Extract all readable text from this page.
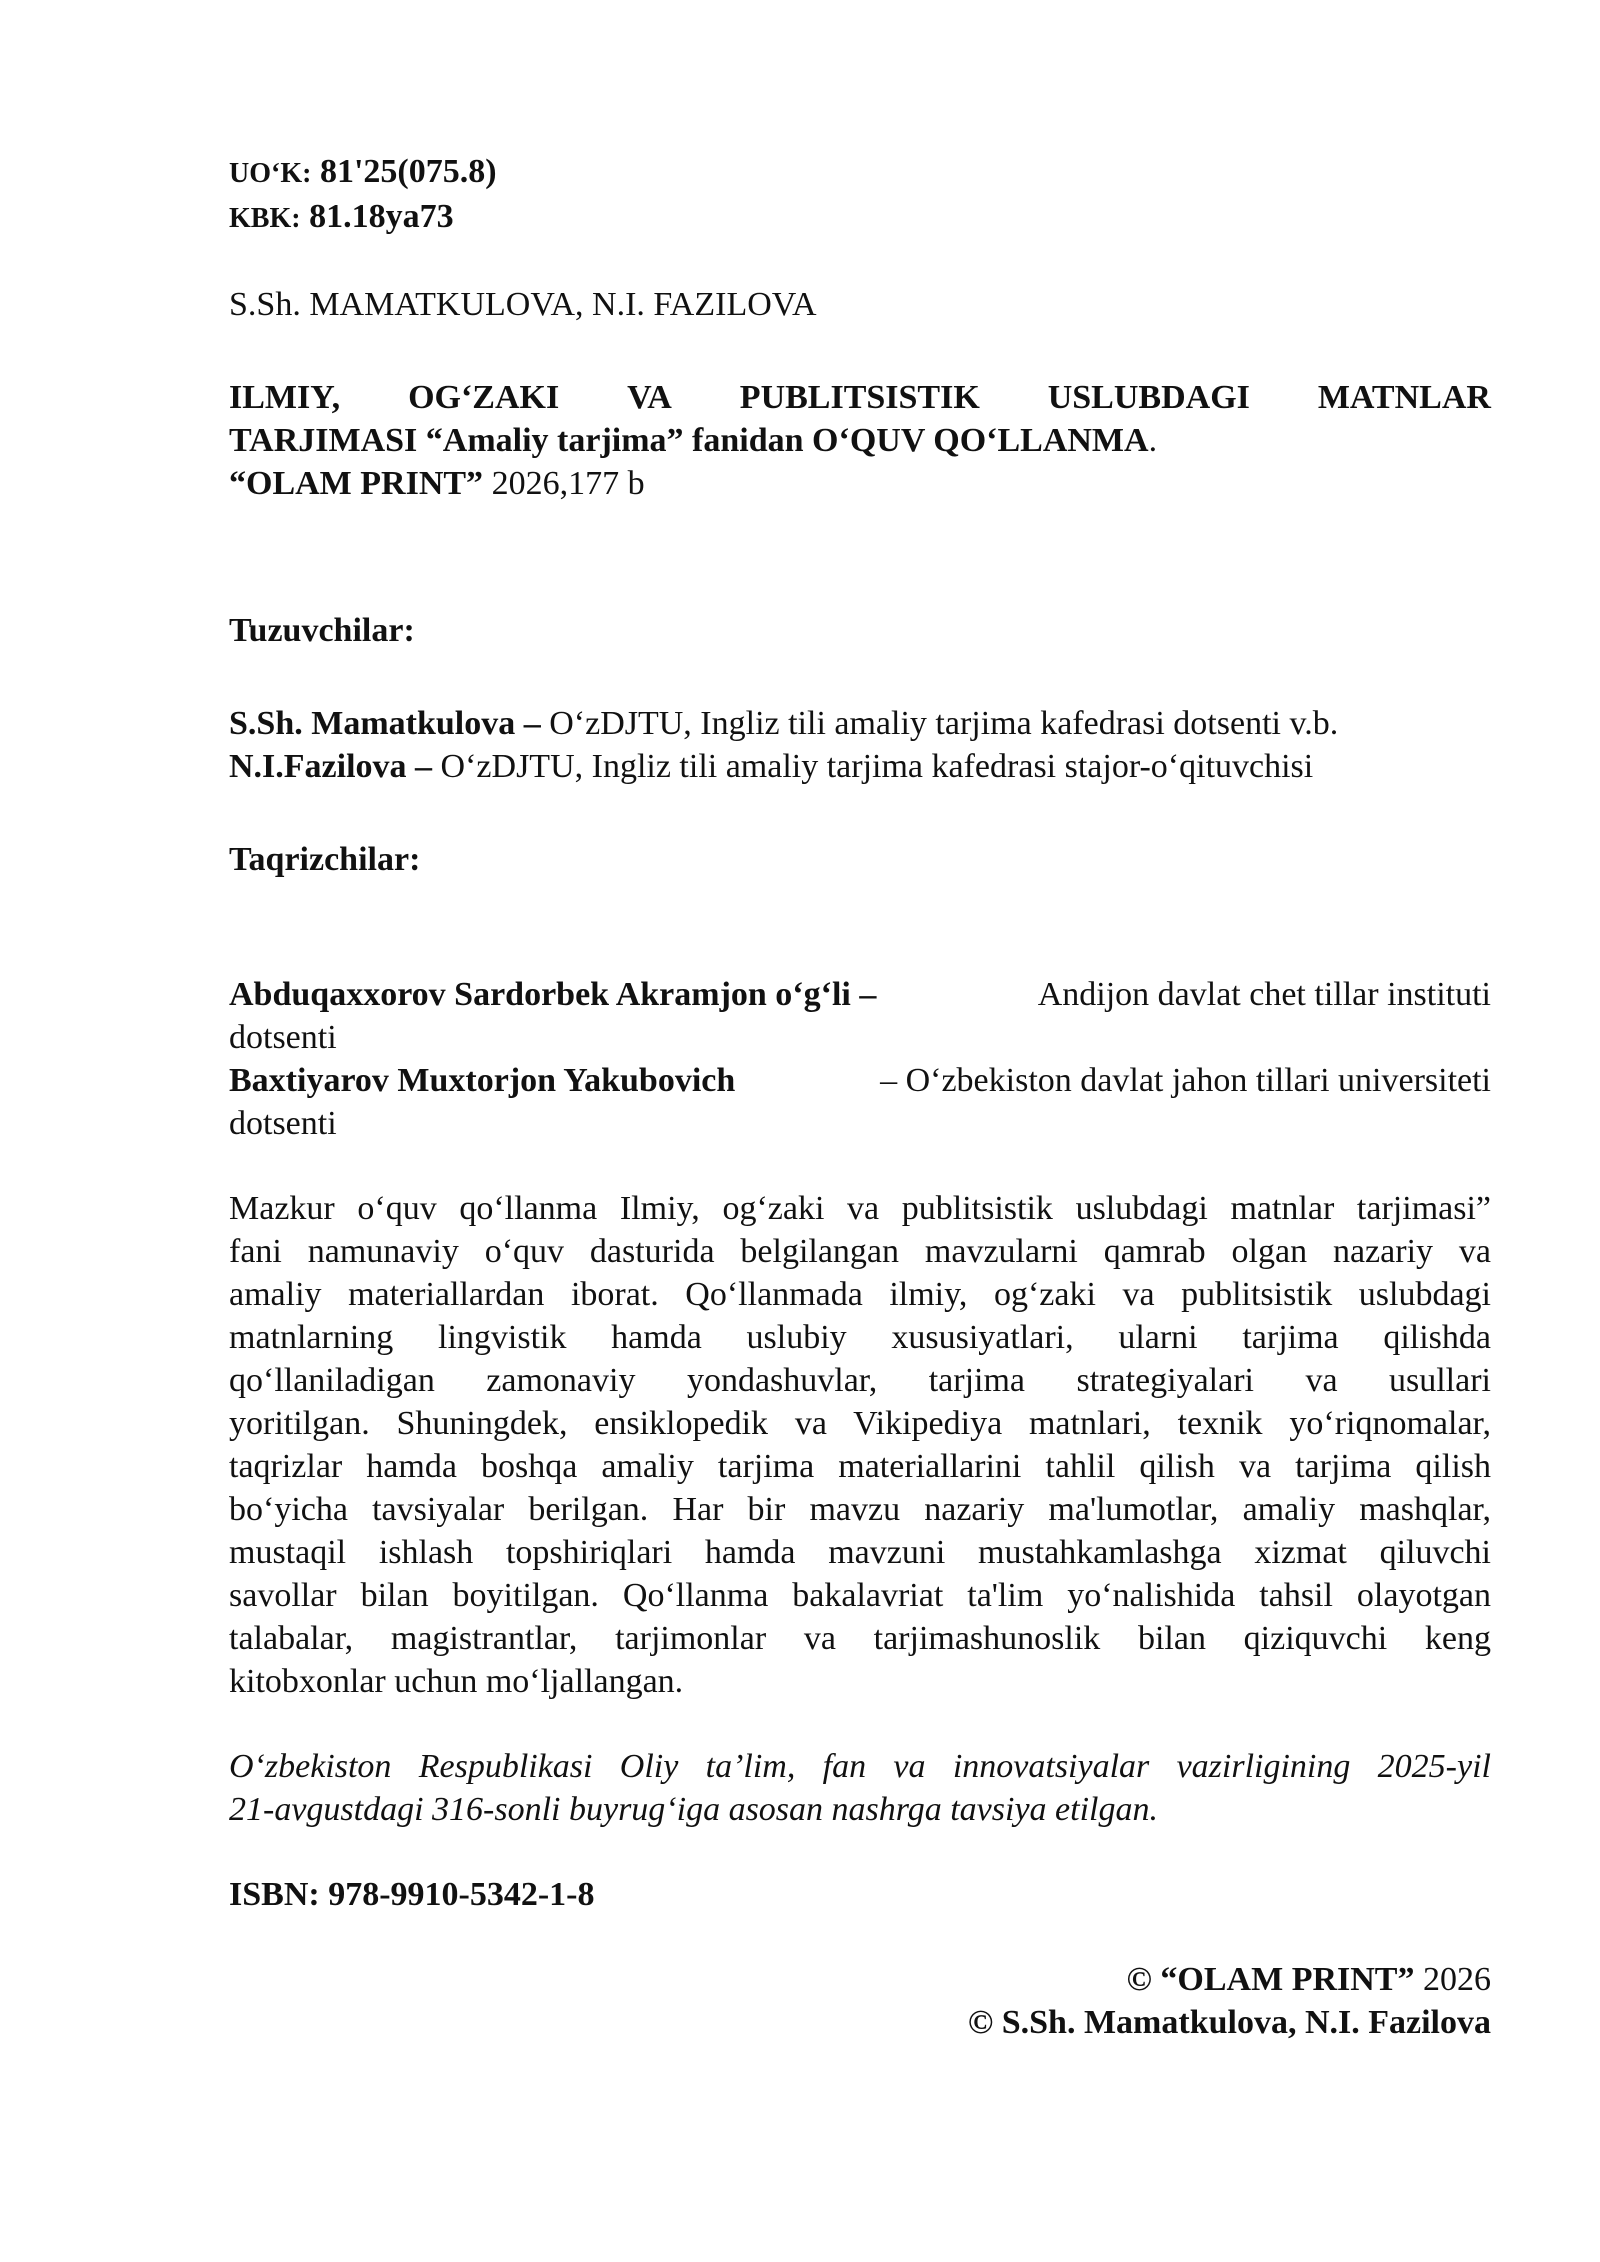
UO‘K: 81'25(075.8)
KBK: 81.18ya73
S.Sh. MAMATKULOVA, N.I. FAZILOVA
ILMIY, OG‘ZAKI VA PUBLITSISTIK USLUBDAGI MATNLAR
TARJIMASI “Amaliy tarjima” fanidan O‘QUV QO‘LLANMA.
“OLAM PRINT” 2026,177 b
Tuzuvchilar:
S.Sh. Mamatkulova – O‘zDJTU, Ingliz tili amaliy tarjima kafedrasi dotsenti v.b.
N.I.Fazilova – O‘zDJTU, Ingliz tili amaliy tarjima kafedrasi stajor-o‘qituvchisi
Taqrizchilar:
Abduqaxxorov Sardorbek Akramjon o‘g‘li –	Andijon davlat chet tillar instituti
dotsenti
Baxtiyarov Muxtorjon Yakubovich	– O‘zbekiston davlat jahon tillari universiteti
dotsenti
Mazkur o‘quv qo‘llanma Ilmiy, og‘zaki va publitsistik uslubdagi matnlar tarjimasi”
fani namunaviy o‘quv dasturida belgilangan mavzularni qamrab olgan nazariy va
amaliy materiallardan iborat. Qo‘llanmada ilmiy, og‘zaki va publitsistik uslubdagi
matnlarning lingvistik hamda uslubiy xususiyatlari, ularni tarjima qilishda
qo‘llaniladigan zamonaviy yondashuvlar, tarjima strategiyalari va usullari
yoritilgan. Shuningdek, ensiklopedik va Vikipediya matnlari, texnik yo‘riqnomalar,
taqrizlar hamda boshqa amaliy tarjima materiallarini tahlil qilish va tarjima qilish
bo‘yicha tavsiyalar berilgan. Har bir mavzu nazariy ma'lumotlar, amaliy mashqlar,
mustaqil ishlash topshiriqlari hamda mavzuni mustahkamlashga xizmat qiluvchi
savollar bilan boyitilgan. Qo‘llanma bakalavriat ta'lim yo‘nalishida tahsil olayotgan
talabalar, magistrantlar, tarjimonlar va tarjimashunoslik bilan qiziquvchi keng
kitobxonlar uchun mo‘ljallangan.
O‘zbekiston Respublikasi Oliy ta’lim, fan va innovatsiyalar vazirligining 2025-yil
21-avgustdagi 316-sonli buyrug‘iga asosan nashrga tavsiya etilgan.
ISBN: 978-9910-5342-1-8
© “OLAM PRINT” 2026
© S.Sh. Mamatkulova, N.I. Fazilova
